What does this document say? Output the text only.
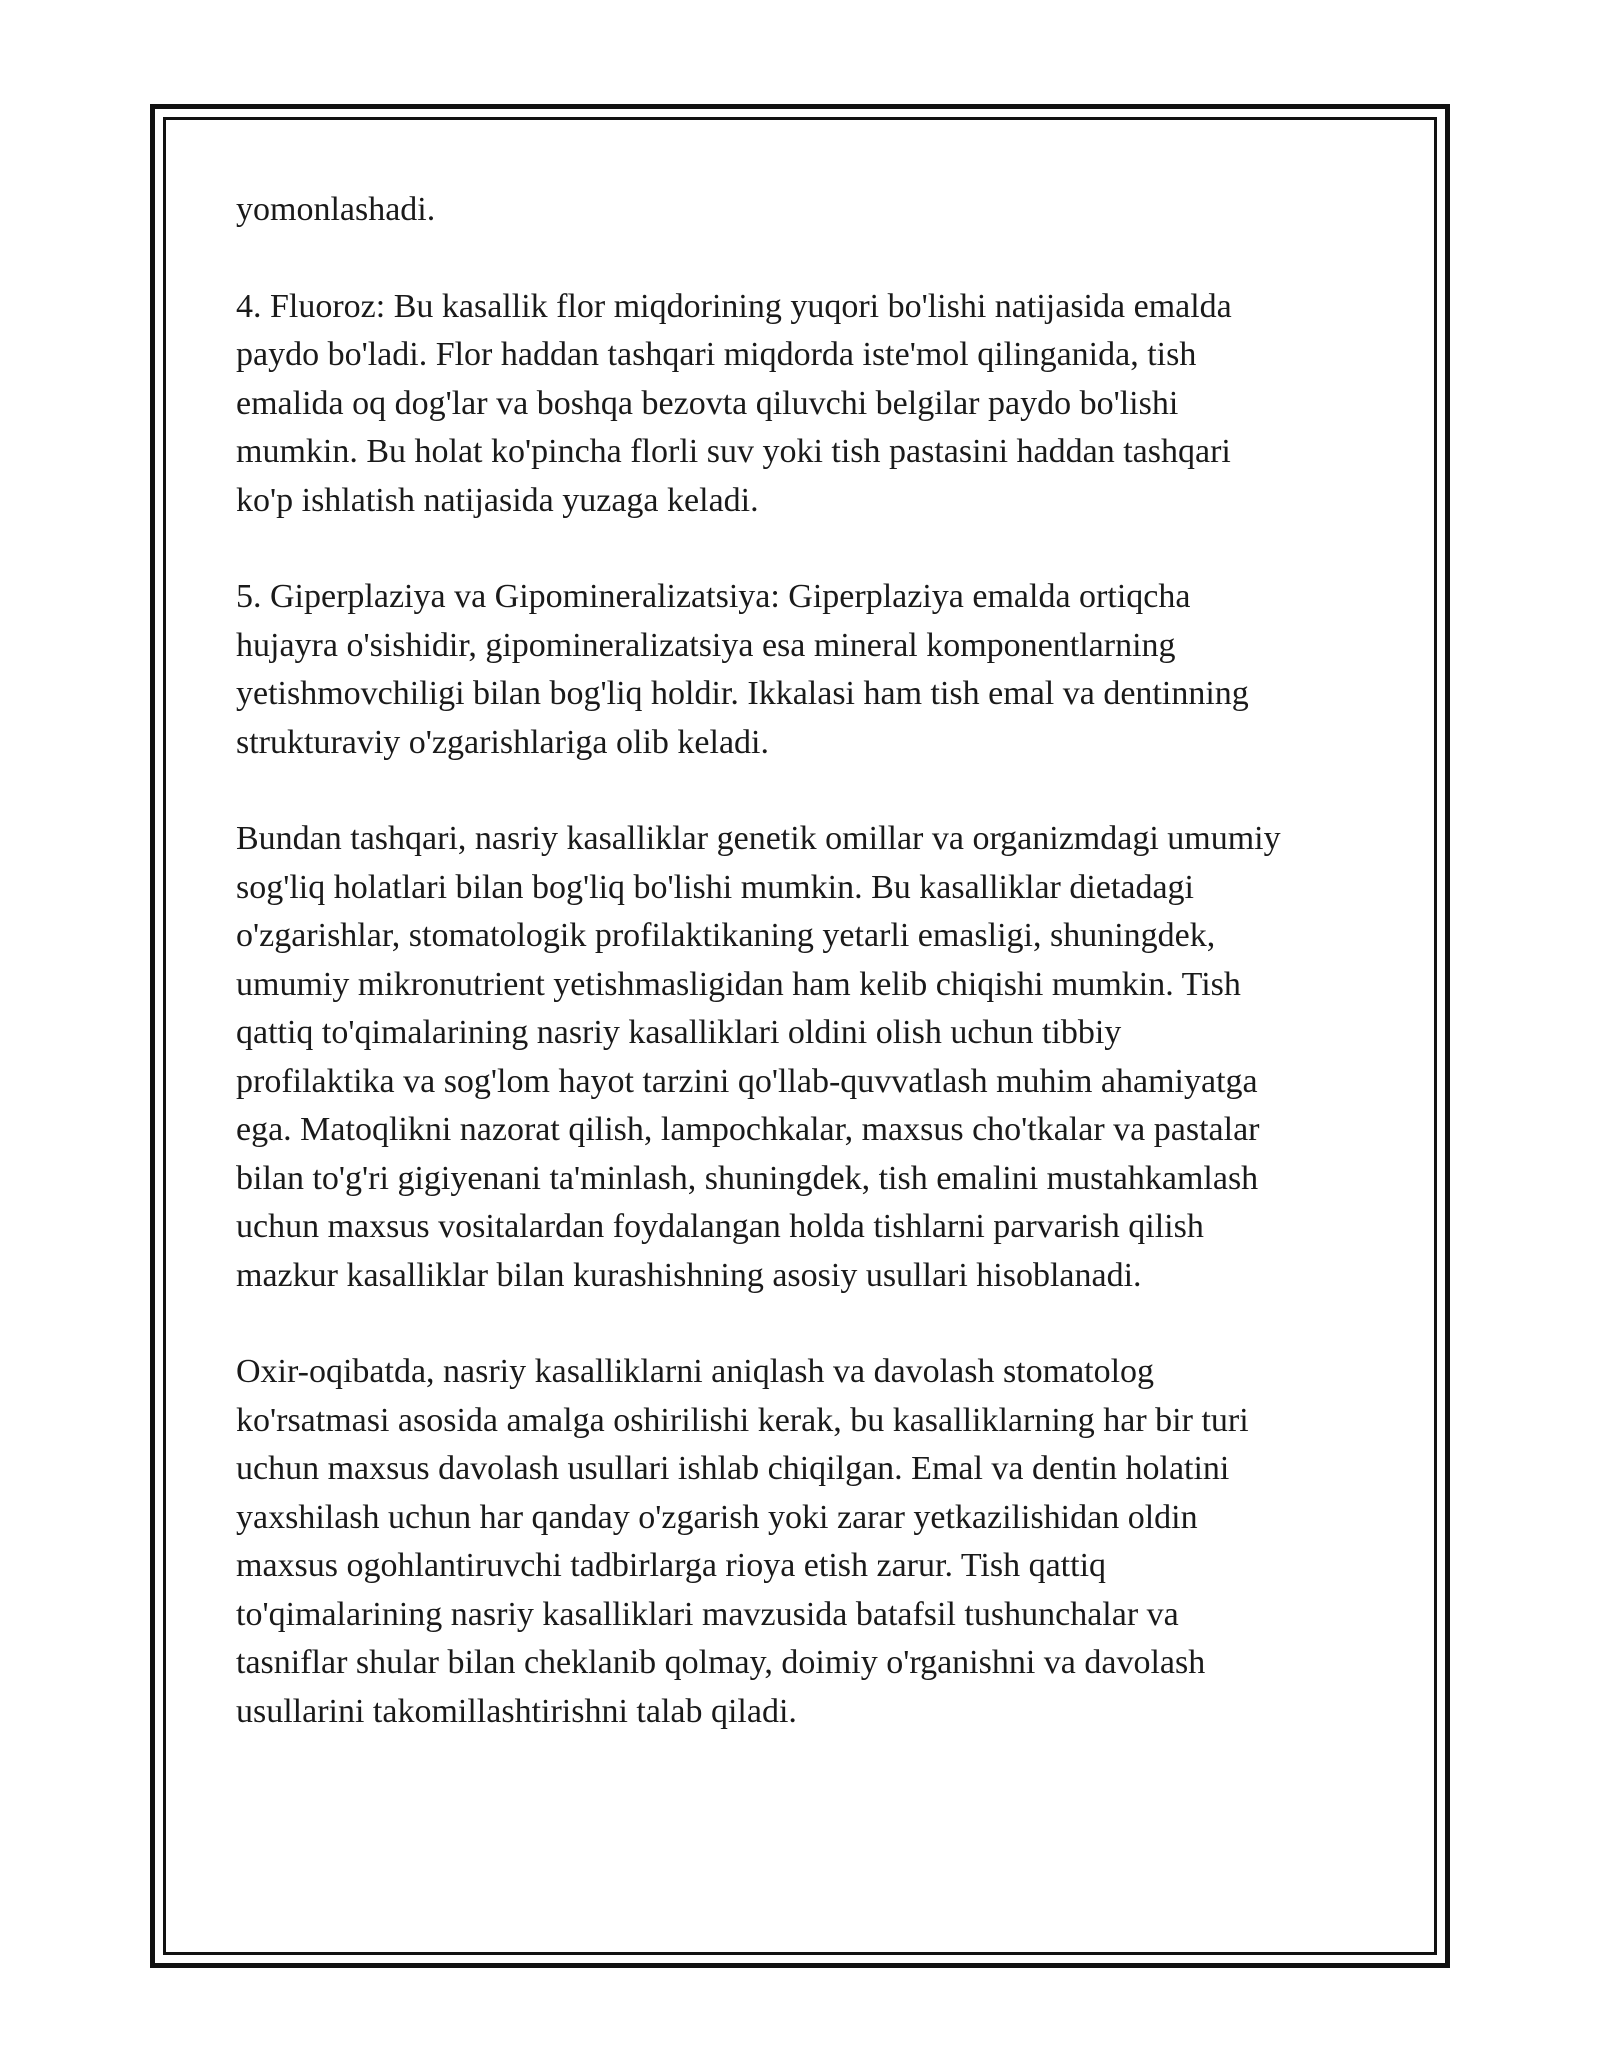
yomonlashadi.

4. Fluoroz: Bu kasallik flor miqdorining yuqori bo'lishi natijasida emalda
paydo bo'ladi. Flor haddan tashqari miqdorda iste'mol qilinganida, tish
emalida oq dog'lar va boshqa bezovta qiluvchi belgilar paydo bo'lishi
mumkin. Bu holat ko'pincha florli suv yoki tish pastasini haddan tashqari
ko'p ishlatish natijasida yuzaga keladi.

5. Giperplaziya va Gipomineralizatsiya: Giperplaziya emalda ortiqcha
hujayra o'sishidir, gipomineralizatsiya esa mineral komponentlarning
yetishmovchiligi bilan bog'liq holdir. Ikkalasi ham tish emal va dentinning
strukturaviy o'zgarishlariga olib keladi.

Bundan tashqari, nasriy kasalliklar genetik omillar va organizmdagi umumiy
sog'liq holatlari bilan bog'liq bo'lishi mumkin. Bu kasalliklar dietadagi
o'zgarishlar, stomatologik profilaktikaning yetarli emasligi, shuningdek,
umumiy mikronutrient yetishmasligidan ham kelib chiqishi mumkin. Tish
qattiq to'qimalarining nasriy kasalliklari oldini olish uchun tibbiy
profilaktika va sog'lom hayot tarzini qo'llab-quvvatlash muhim ahamiyatga
ega. Matoqlikni nazorat qilish, lampochkalar, maxsus cho'tkalar va pastalar
bilan to'g'ri gigiyenani ta'minlash, shuningdek, tish emalini mustahkamlash
uchun maxsus vositalardan foydalangan holda tishlarni parvarish qilish
mazkur kasalliklar bilan kurashishning asosiy usullari hisoblanadi.

Oxir-oqibatda, nasriy kasalliklarni aniqlash va davolash stomatolog
ko'rsatmasi asosida amalga oshirilishi kerak, bu kasalliklarning har bir turi
uchun maxsus davolash usullari ishlab chiqilgan. Emal va dentin holatini
yaxshilash uchun har qanday o'zgarish yoki zarar yetkazilishidan oldin
maxsus ogohlantiruvchi tadbirlarga rioya etish zarur. Tish qattiq
to'qimalarining nasriy kasalliklari mavzusida batafsil tushunchalar va
tasniflar shular bilan cheklanib qolmay, doimiy o'rganishni va davolash
usullarini takomillashtirishni talab qiladi.
